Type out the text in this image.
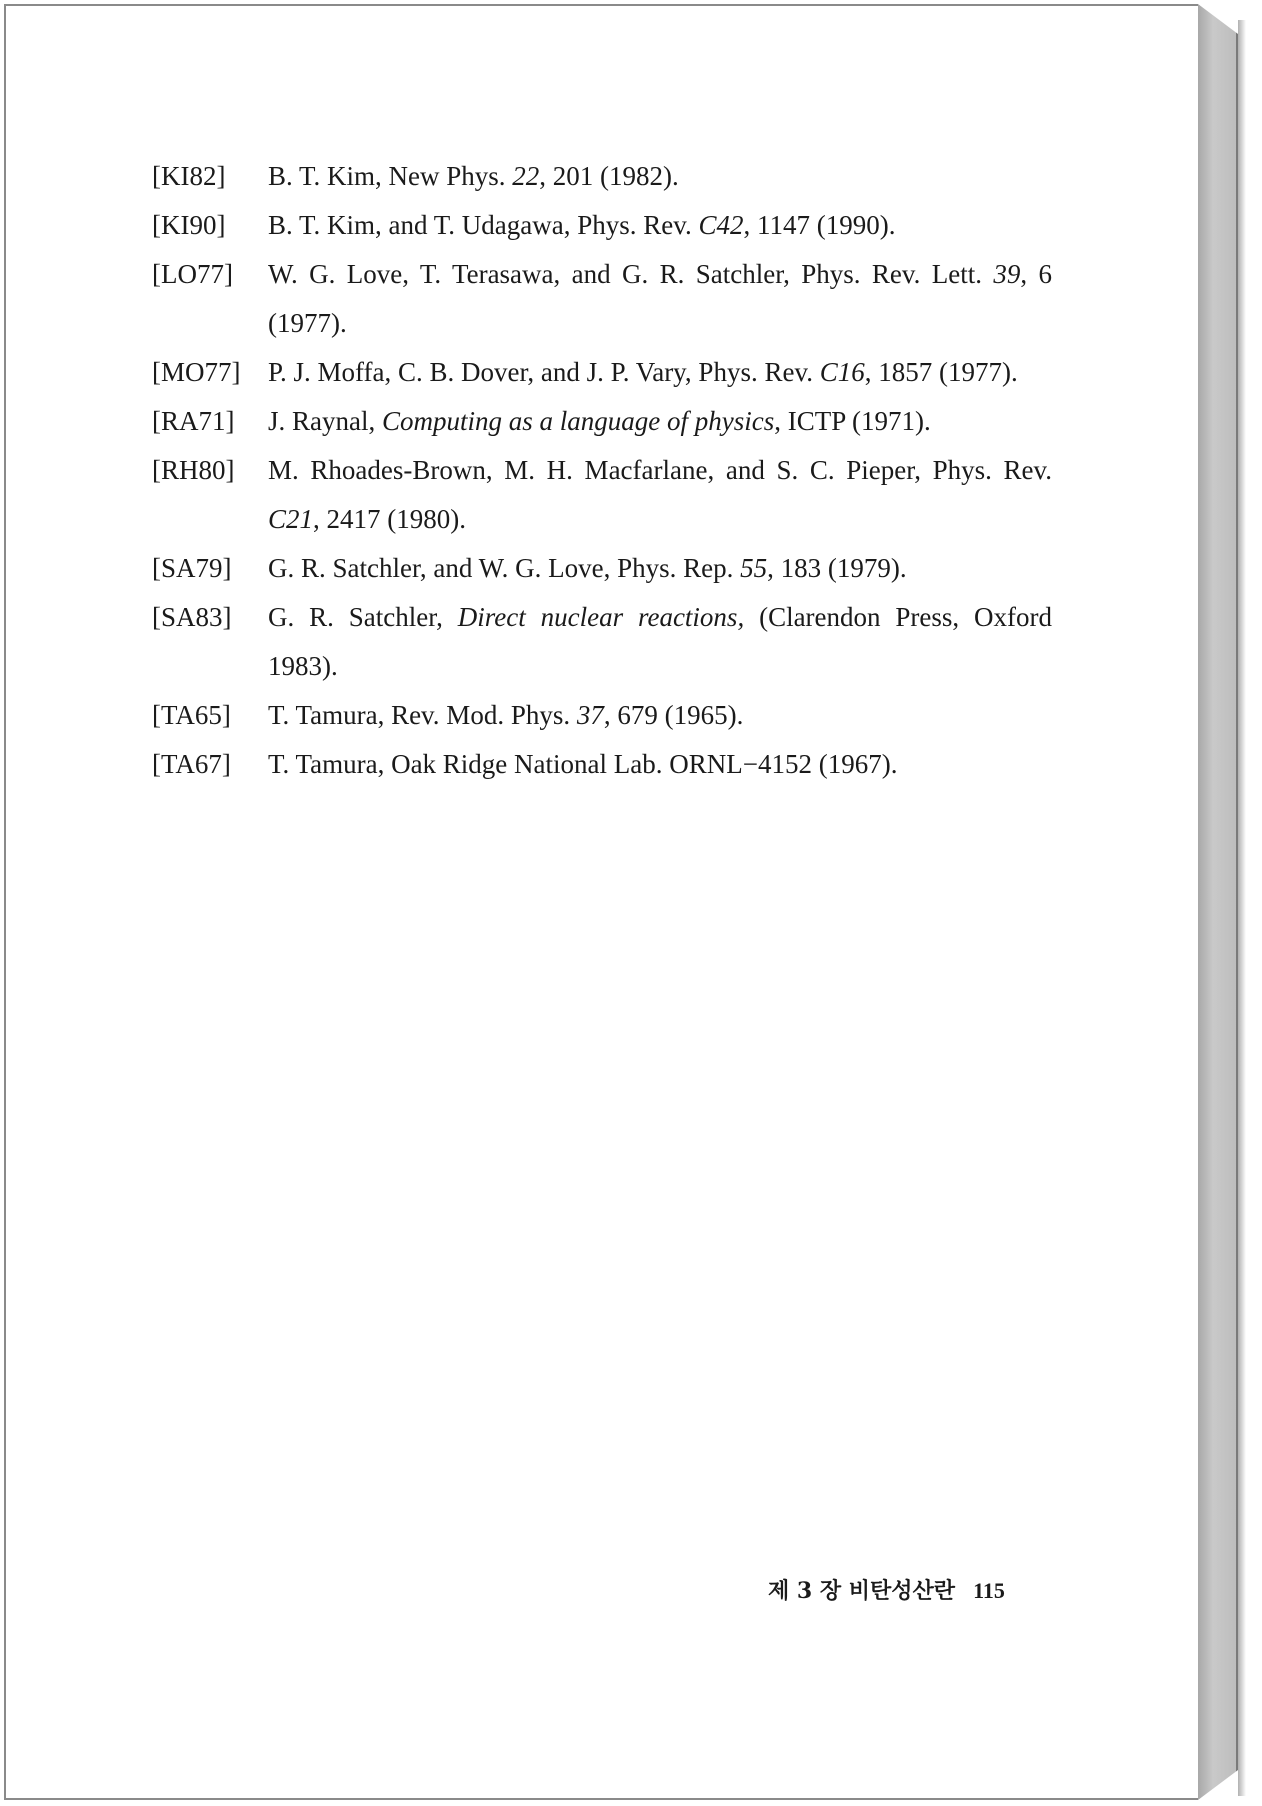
[KI82]	B. T. Kim, New Phys. 22, 201 (1982).
[KI90]	B. T. Kim, and T. Udagawa, Phys. Rev. C42, 1147 (1990).
[LO77]	W. G. Love, T. Terasawa, and G. R. Satchler, Phys. Rev. Lett. 39, 6 (1977).
[MO77]	P. J. Moffa, C. B. Dover, and J. P. Vary, Phys. Rev. C16, 1857 (1977).
[RA71]	J. Raynal, Computing as a language of physics, ICTP (1971).
[RH80]	M. Rhoades-Brown, M. H. Macfarlane, and S. C. Pieper, Phys. Rev. C21, 2417 (1980).
[SA79]	G. R. Satchler, and W. G. Love, Phys. Rep. 55, 183 (1979).
[SA83]	G. R. Satchler, Direct nuclear reactions, (Clarendon Press, Oxford 1983).
[TA65]	T. Tamura, Rev. Mod. Phys. 37, 679 (1965).
[TA67]	T. Tamura, Oak Ridge National Lab. ORNL−4152 (1967).
제 3 장 비탄성산란 115
